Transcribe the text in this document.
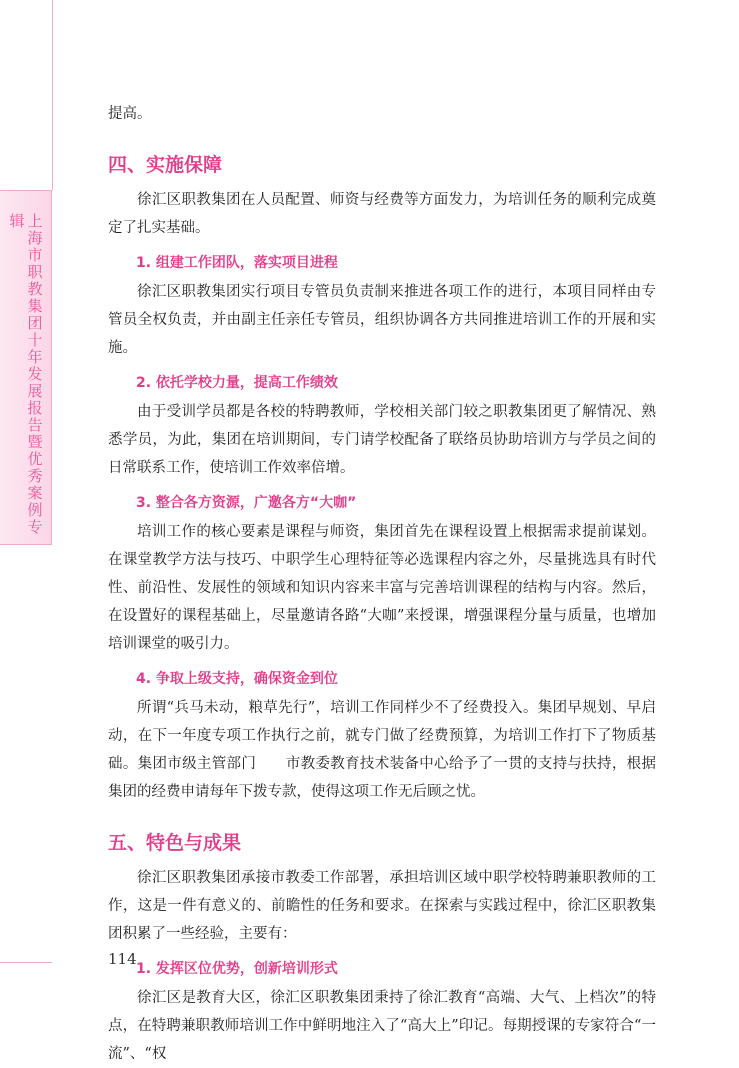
上海市职教集团十年发展报告暨优秀案例专辑

提高。

四、实施保障

徐汇区职教集团在人员配置、师资与经费等方面发力，为培训任务的顺利完成奠定了扎实基础。

1. 组建工作团队，落实项目进程

徐汇区职教集团实行项目专管员负责制来推进各项工作的进行，本项目同样由专管员全权负责，并由副主任亲任专管员，组织协调各方共同推进培训工作的开展和实施。

2. 依托学校力量，提高工作绩效

由于受训学员都是各校的特聘教师，学校相关部门较之职教集团更了解情况、熟悉学员，为此，集团在培训期间，专门请学校配备了联络员协助培训方与学员之间的日常联系工作，使培训工作效率倍增。

3. 整合各方资源，广邀各方“大咖”

培训工作的核心要素是课程与师资，集团首先在课程设置上根据需求提前谋划。在课堂教学方法与技巧、中职学生心理特征等必选课程内容之外，尽量挑选具有时代性、前沿性、发展性的领域和知识内容来丰富与完善培训课程的结构与内容。然后，在设置好的课程基础上，尽量邀请各路“大咖”来授课，增强课程分量与质量，也增加培训课堂的吸引力。

4. 争取上级支持，确保资金到位

所谓“兵马未动，粮草先行”，培训工作同样少不了经费投入。集团早规划、早启动，在下一年度专项工作执行之前，就专门做了经费预算，为培训工作打下了物质基础。集团市级主管部门　　市教委教育技术装备中心给予了一贯的支持与扶持，根据集团的经费申请每年下拨专款，使得这项工作无后顾之忧。

五、特色与成果

徐汇区职教集团承接市教委工作部署，承担培训区域中职学校特聘兼职教师的工作，这是一件有意义的、前瞻性的任务和要求。在探索与实践过程中，徐汇区职教集团积累了一些经验，主要有：

1. 发挥区位优势，创新培训形式

徐汇区是教育大区，徐汇区职教集团秉持了徐汇教育“高端、大气、上档次”的特点，在特聘兼职教师培训工作中鲜明地注入了“高大上”印记。每期授课的专家符合“一流”、“权

114
